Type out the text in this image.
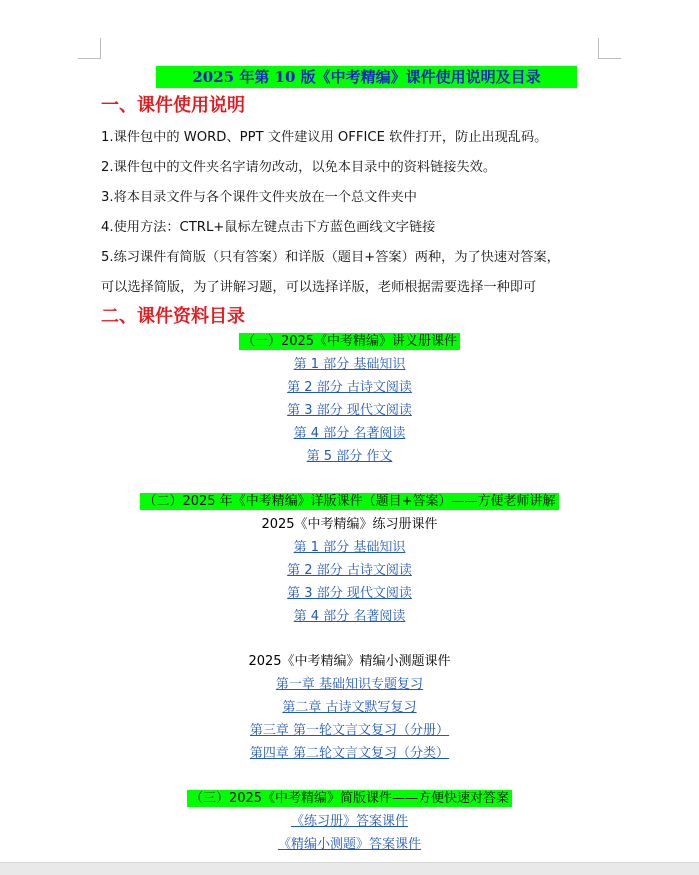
2025 年第 10 版《中考精编》课件使用说明及目录
一、课件使用说明
1.课件包中的 WORD、PPT 文件建议用 OFFICE 软件打开，防止出现乱码。
2.课件包中的文件夹名字请勿改动，以免本目录中的资料链接失效。
3.将本目录文件与各个课件文件夹放在一个总文件夹中
4.使用方法：CTRL+鼠标左键点击下方蓝色画线文字链接
5.练习课件有简版（只有答案）和详版（题目+答案）两种，为了快速对答案，
可以选择简版，为了讲解习题，可以选择详版，老师根据需要选择一种即可
二、课件资料目录
（一）2025《中考精编》讲义册课件
第 1 部分 基础知识
第 2 部分 古诗文阅读
第 3 部分 现代文阅读
第 4 部分 名著阅读
第 5 部分 作文
（二）2025 年《中考精编》详版课件（题目+答案）——方便老师讲解
2025《中考精编》练习册课件
第 1 部分 基础知识
第 2 部分 古诗文阅读
第 3 部分 现代文阅读
第 4 部分 名著阅读
2025《中考精编》精编小测题课件
第一章 基础知识专题复习
第二章 古诗文默写复习
第三章 第一轮文言文复习（分册）
第四章 第二轮文言文复习（分类）
（三）2025《中考精编》简版课件——方便快速对答案
《练习册》答案课件
《精编小测题》答案课件
